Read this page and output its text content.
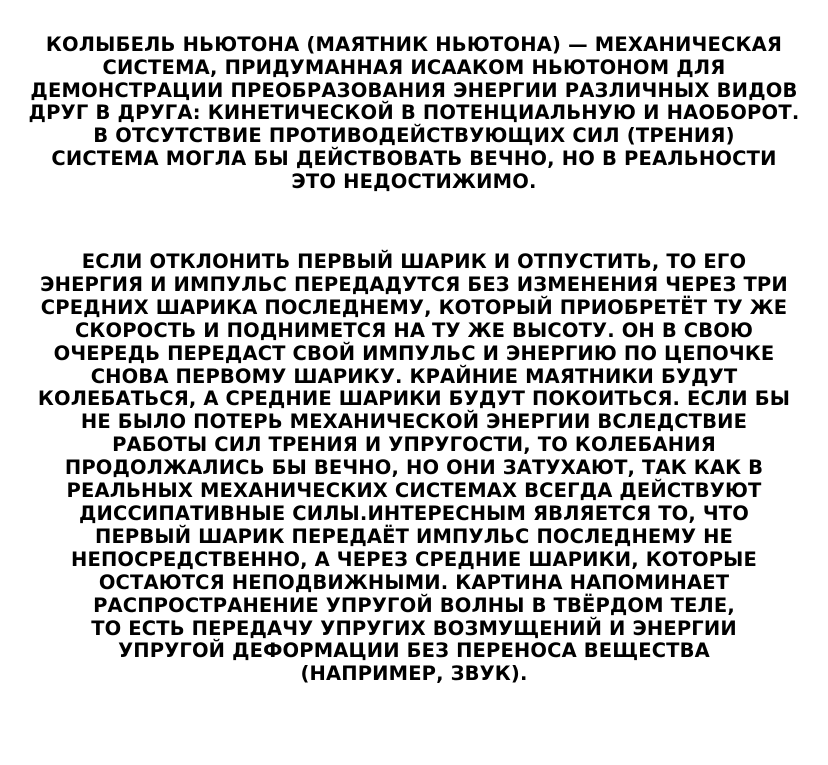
КОЛЫБЕЛЬ НЬЮТОНА (МАЯТНИК НЬЮТОНА) — МЕХАНИЧЕСКАЯ
СИСТЕМА, ПРИДУМАННАЯ ИСААКОМ НЬЮТОНОМ ДЛЯ
ДЕМОНСТРАЦИИ ПРЕОБРАЗОВАНИЯ ЭНЕРГИИ РАЗЛИЧНЫХ ВИДОВ
ДРУГ В ДРУГА: КИНЕТИЧЕСКОЙ В ПОТЕНЦИАЛЬНУЮ И НАОБОРОТ.
В ОТСУТСТВИЕ ПРОТИВОДЕЙСТВУЮЩИХ СИЛ (ТРЕНИЯ)
СИСТЕМА МОГЛА БЫ ДЕЙСТВОВАТЬ ВЕЧНО, НО В РЕАЛЬНОСТИ
ЭТО НЕДОСТИЖИМО.
ЕСЛИ ОТКЛОНИТЬ ПЕРВЫЙ ШАРИК И ОТПУСТИТЬ, ТО ЕГО
ЭНЕРГИЯ И ИМПУЛЬС ПЕРЕДАДУТСЯ БЕЗ ИЗМЕНЕНИЯ ЧЕРЕЗ ТРИ
СРЕДНИХ ШАРИКА ПОСЛЕДНЕМУ, КОТОРЫЙ ПРИОБРЕТЁТ ТУ ЖЕ
СКОРОСТЬ И ПОДНИМЕТСЯ НА ТУ ЖЕ ВЫСОТУ. ОН В СВОЮ
ОЧЕРЕДЬ ПЕРЕДАСТ СВОЙ ИМПУЛЬС И ЭНЕРГИЮ ПО ЦЕПОЧКЕ
СНОВА ПЕРВОМУ ШАРИКУ. КРАЙНИЕ МАЯТНИКИ БУДУТ
КОЛЕБАТЬСЯ, А СРЕДНИЕ ШАРИКИ БУДУТ ПОКОИТЬСЯ. ЕСЛИ БЫ
НЕ БЫЛО ПОТЕРЬ МЕХАНИЧЕСКОЙ ЭНЕРГИИ ВСЛЕДСТВИЕ
РАБОТЫ СИЛ ТРЕНИЯ И УПРУГОСТИ, ТО КОЛЕБАНИЯ
ПРОДОЛЖАЛИСЬ БЫ ВЕЧНО, НО ОНИ ЗАТУХАЮТ, ТАК КАК В
РЕАЛЬНЫХ МЕХАНИЧЕСКИХ СИСТЕМАХ ВСЕГДА ДЕЙСТВУЮТ
ДИССИПАТИВНЫЕ СИЛЫ.ИНТЕРЕСНЫМ ЯВЛЯЕТСЯ ТО, ЧТО
ПЕРВЫЙ ШАРИК ПЕРЕДАЁТ ИМПУЛЬС ПОСЛЕДНЕМУ НЕ
НЕПОСРЕДСТВЕННО, А ЧЕРЕЗ СРЕДНИЕ ШАРИКИ, КОТОРЫЕ
ОСТАЮТСЯ НЕПОДВИЖНЫМИ. КАРТИНА НАПОМИНАЕТ
РАСПРОСТРАНЕНИЕ УПРУГОЙ ВОЛНЫ В ТВЁРДОМ ТЕЛЕ,
ТО ЕСТЬ ПЕРЕДАЧУ УПРУГИХ ВОЗМУЩЕНИЙ И ЭНЕРГИИ
УПРУГОЙ ДЕФОРМАЦИИ БЕЗ ПЕРЕНОСА ВЕЩЕСТВА
(НАПРИМЕР, ЗВУК).
